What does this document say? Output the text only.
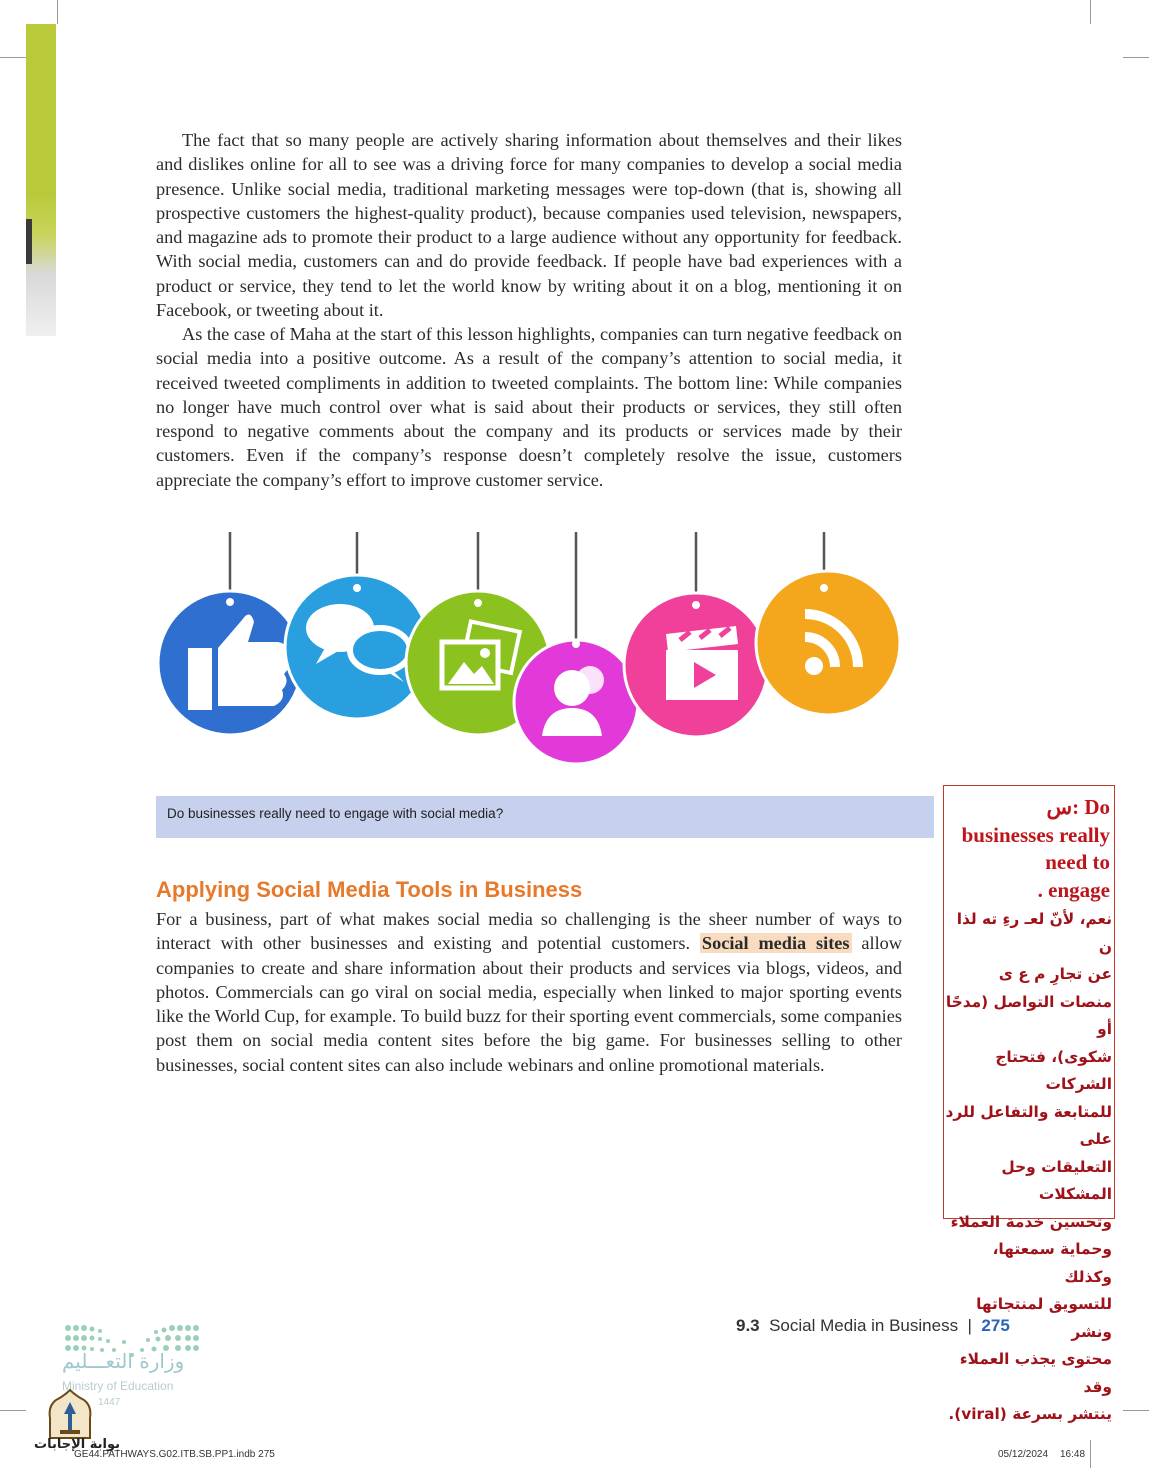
The fact that so many people are actively sharing information about themselves and their likes and dislikes online for all to see was a driving force for many companies to develop a social media presence. Unlike social media, traditional marketing messages were top-down (that is, showing all prospective customers the highest-quality product), because companies used television, newspapers, and magazine ads to promote their product to a large audience without any opportunity for feedback. With social media, customers can and do provide feedback. If people have bad experiences with a product or service, they tend to let the world know by writing about it on a blog, mentioning it on Facebook, or tweeting about it.

As the case of Maha at the start of this lesson highlights, companies can turn negative feedback on social media into a positive outcome. As a result of the company’s attention to social media, it received tweeted compliments in addition to tweeted complaints. The bottom line: While companies no longer have much control over what is said about their products or services, they still often respond to negative comments about the company and its products or services made by their customers. Even if the company’s response doesn’t completely resolve the issue, customers appreciate the company’s effort to improve customer service.

Do businesses really need to engage with social media?
Applying Social Media Tools in Business

For a business, part of what makes social media so challenging is the sheer number of ways to interact with other businesses and existing and potential customers. Social media sites allow companies to create and share information about their products and services via blogs, videos, and photos. Commercials can go viral on social media, especially when linked to major sporting events like the World Cup, for example. To build buzz for their sporting event commercials, some companies post them on social media content sites before the big game. For businesses selling to other businesses, social content sites can also include webinars and online promotional materials.

س: Do
businesses really
need to
. engage
نعم، لأنّ لعـ رءِ ته لذا ن
عن تجارِ م ع ى
منصات التواصل (مدحًا أو
شكوى)، فتحتاج الشركات
للمتابعة والتفاعل للرد على
التعليقات وحل المشكلات
وتحسين خدمة العملاء
وحماية سمعتها، وكذلك
للتسويق لمنتجاتها ونشر
محتوى يجذب العملاء وقد
ينتشر بسرعة (viral).
وزارة التعـــليم
Ministry of Education
1447
بوابة الإجابات
9.3 Social Media in Business | 275
GE44.PATHWAYS.G02.ITB.SB.PP1.indb 275	05/12/2024 16:48
